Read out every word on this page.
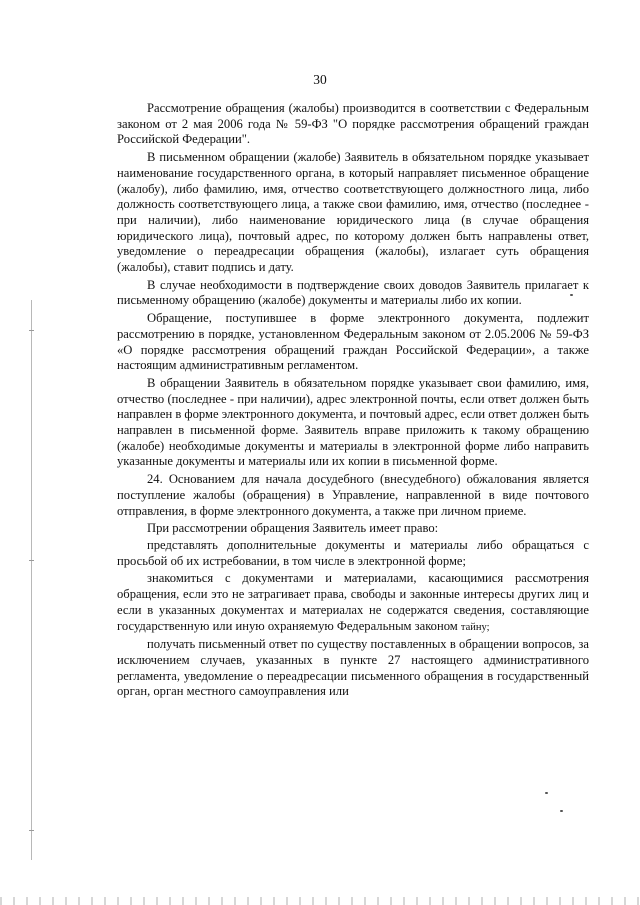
30

Рассмотрение обращения (жалобы) производится в соответствии с Федеральным законом от 2 мая 2006 года № 59-ФЗ "О порядке рассмотрения обращений граждан Российской Федерации".

В письменном обращении (жалобе) Заявитель в обязательном порядке указывает наименование государственного органа, в который направляет письменное обращение (жалобу), либо фамилию, имя, отчество соответствующего должностного лица, либо должность соответствующего лица, а также свои фамилию, имя, отчество (последнее - при наличии), либо наименование юридического лица (в случае обращения юридического лица), почтовый адрес, по которому должен быть направлены ответ, уведомление о переадресации обращения (жалобы), излагает суть обращения (жалобы), ставит подпись и дату.

В случае необходимости в подтверждение своих доводов Заявитель прилагает к письменному обращению (жалобе) документы и материалы либо их копии.

Обращение, поступившее в форме электронного документа, подлежит рассмотрению в порядке, установленном Федеральным законом от 2.05.2006 № 59-ФЗ «О порядке рассмотрения обращений граждан Российской Федерации», а также настоящим административным регламентом.

В обращении Заявитель в обязательном порядке указывает свои фамилию, имя, отчество (последнее - при наличии), адрес электронной почты, если ответ должен быть направлен в форме электронного документа, и почтовый адрес, если ответ должен быть направлен в письменной форме. Заявитель вправе приложить к такому обращению (жалобе) необходимые документы и материалы в электронной форме либо направить указанные документы и материалы или их копии в письменной форме.

24. Основанием для начала досудебного (внесудебного) обжалования является поступление жалобы (обращения) в Управление, направленной в виде почтового отправления, в форме электронного документа, а также при личном приеме.

При рассмотрении обращения Заявитель имеет право:

представлять дополнительные документы и материалы либо обращаться с просьбой об их истребовании, в том числе в электронной форме;

знакомиться с документами и материалами, касающимися рассмотрения обращения, если это не затрагивает права, свободы и законные интересы других лиц и если в указанных документах и материалах не содержатся сведения, составляющие государственную или иную охраняемую Федеральным законом тайну;

получать письменный ответ по существу поставленных в обращении вопросов, за исключением случаев, указанных в пункте 27 настоящего административного регламента, уведомление о переадресации письменного обращения в государственный орган, орган местного самоуправления или
